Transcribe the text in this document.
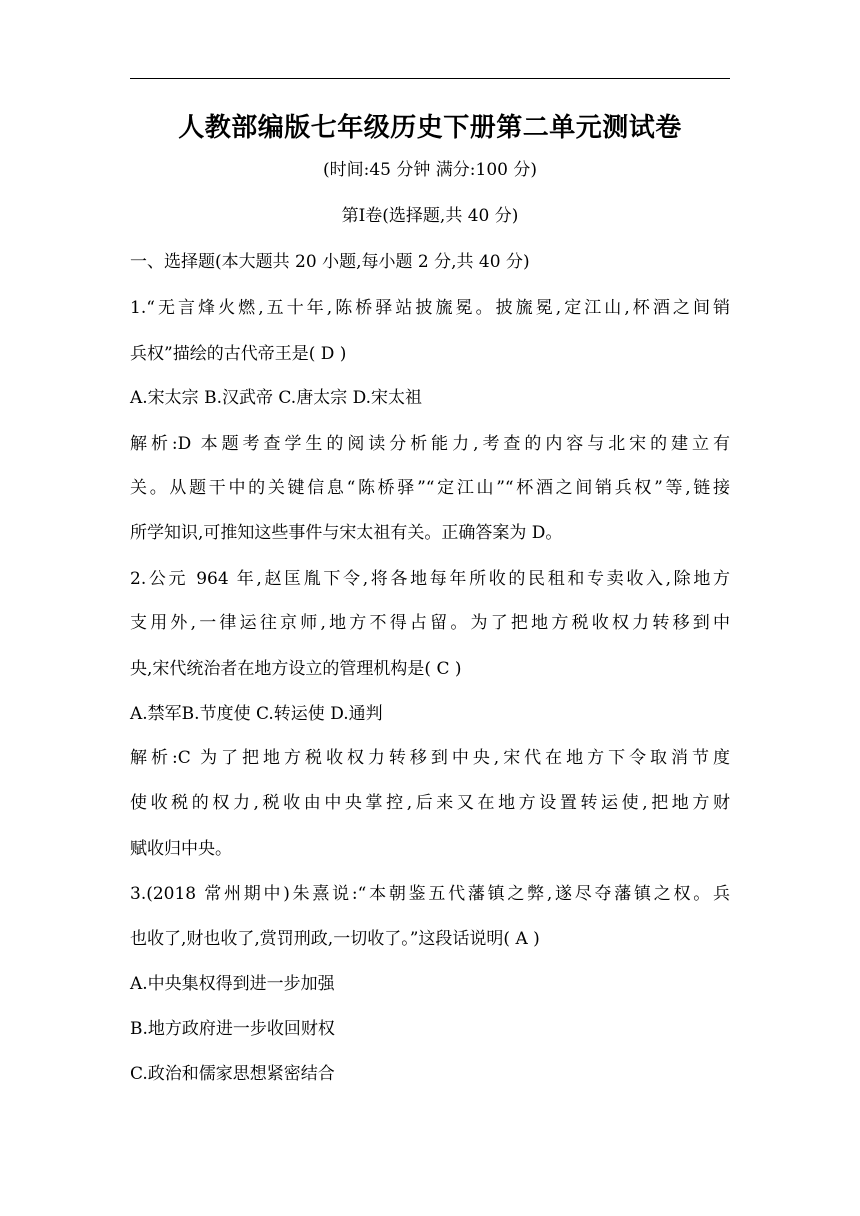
人教部编版七年级历史下册第二单元测试卷
(时间:45 分钟 满分:100 分)
第I卷(选择题,共 40 分)
一、选择题(本大题共 20 小题,每小题 2 分,共 40 分)
1.“无言烽火燃,五十年,陈桥驿站披旒冕。披旒冕,定江山,杯酒之间销
兵权”描绘的古代帝王是( D )
A.宋太宗 B.汉武帝 C.唐太宗 D.宋太祖
解析:D 本题考查学生的阅读分析能力,考查的内容与北宋的建立有
关。从题干中的关键信息“陈桥驿”“定江山”“杯酒之间销兵权”等,链接
所学知识,可推知这些事件与宋太祖有关。正确答案为 D。
2.公元 964 年,赵匡胤下令,将各地每年所收的民租和专卖收入,除地方
支用外,一律运往京师,地方不得占留。为了把地方税收权力转移到中
央,宋代统治者在地方设立的管理机构是( C )
A.禁军B.节度使 C.转运使 D.通判
解析:C 为了把地方税收权力转移到中央,宋代在地方下令取消节度
使收税的权力,税收由中央掌控,后来又在地方设置转运使,把地方财
赋收归中央。
3.(2018 常州期中)朱熹说:“本朝鉴五代藩镇之弊,遂尽夺藩镇之权。兵
也收了,财也收了,赏罚刑政,一切收了。”这段话说明( A )
A.中央集权得到进一步加强
B.地方政府进一步收回财权
C.政治和儒家思想紧密结合
